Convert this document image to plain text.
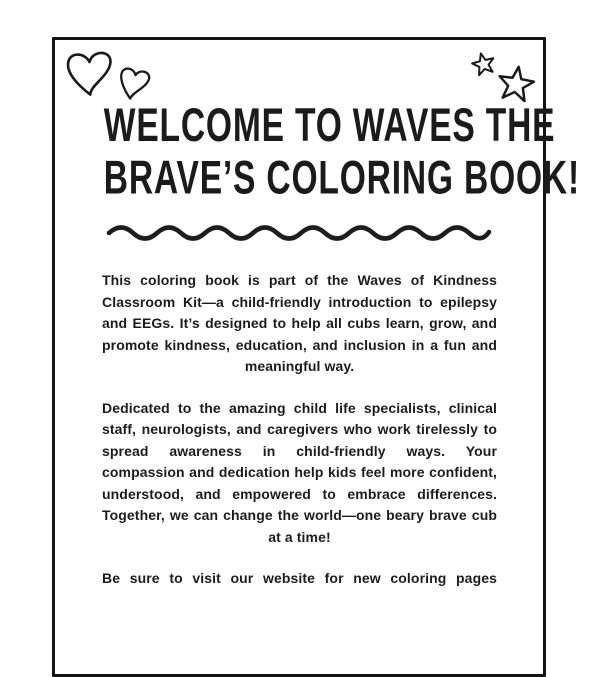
WELCOME TO WAVES THE
BRAVE’S COLORING BOOK!

This coloring book is part of the Waves of Kindness Classroom Kit—a child-friendly introduction to epilepsy and EEGs. It’s designed to help all cubs learn, grow, and promote kindness, education, and inclusion in a fun and meaningful way.

Dedicated to the amazing child life specialists, clinical staff, neurologists, and caregivers who work tirelessly to spread awareness in child-friendly ways. Your compassion and dedication help kids feel more confident, understood, and empowered to embrace differences. Together, we can change the world—one beary brave cub at a time!

Be sure to visit our website for new coloring pages
